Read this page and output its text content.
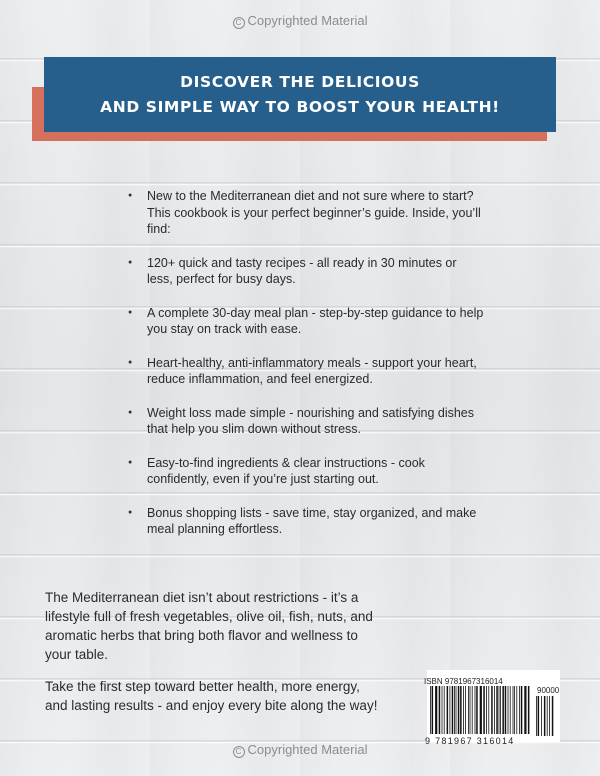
C Copyrighted Material
DISCOVER THE DELICIOUS
AND SIMPLE WAY TO BOOST YOUR HEALTH!
● New to the Mediterranean diet and not sure where to start? This cookbook is your perfect beginner’s guide. Inside, you’ll find:
● 120+ quick and tasty recipes - all ready in 30 minutes or less, perfect for busy days.
● A complete 30-day meal plan - step-by-step guidance to help you stay on track with ease.
● Heart-healthy, anti-inflammatory meals - support your heart, reduce inflammation, and feel energized.
● Weight loss made simple - nourishing and satisfying dishes that help you slim down without stress.
● Easy-to-find ingredients & clear instructions - cook confidently, even if you’re just starting out.
● Bonus shopping lists - save time, stay organized, and make meal planning effortless.

The Mediterranean diet isn’t about restrictions - it’s a lifestyle full of fresh vegetables, olive oil, fish, nuts, and aromatic herbs that bring both flavor and wellness to your table.

Take the first step toward better health, more energy, and lasting results - and enjoy every bite along the way!

ISBN 9781967316014
90000
9 781967 316014
C Copyrighted Material
